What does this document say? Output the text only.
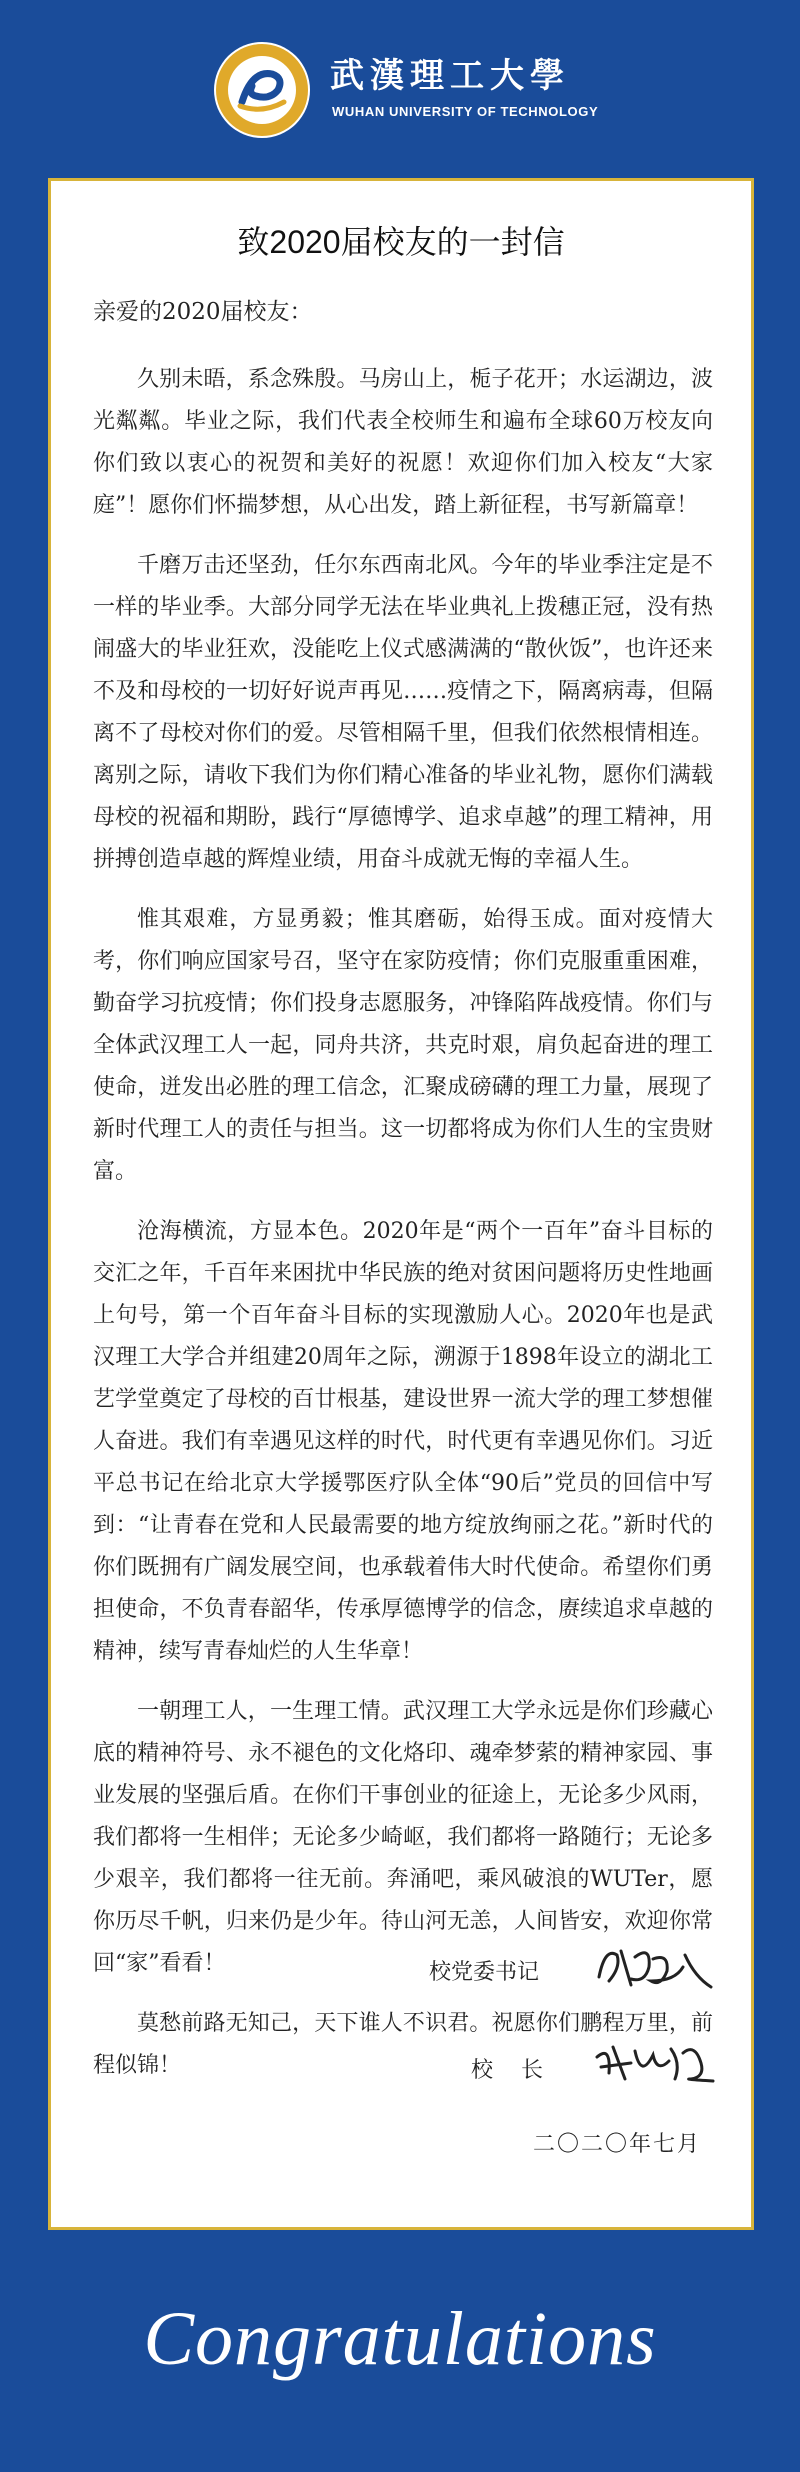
武漢理工大學
WUHAN UNIVERSITY OF TECHNOLOGY
致2020届校友的一封信
亲爱的2020届校友：

久别未晤，系念殊殷。马房山上，栀子花开；水运湖边，波光粼粼。毕业之际，我们代表全校师生和遍布全球60万校友向你们致以衷心的祝贺和美好的祝愿！欢迎你们加入校友“大家庭”！愿你们怀揣梦想，从心出发，踏上新征程，书写新篇章！

千磨万击还坚劲，任尔东西南北风。今年的毕业季注定是不一样的毕业季。大部分同学无法在毕业典礼上拨穗正冠，没有热闹盛大的毕业狂欢，没能吃上仪式感满满的“散伙饭”，也许还来不及和母校的一切好好说声再见……疫情之下，隔离病毒，但隔离不了母校对你们的爱。尽管相隔千里，但我们依然根情相连。离别之际，请收下我们为你们精心准备的毕业礼物，愿你们满载母校的祝福和期盼，践行“厚德博学、追求卓越”的理工精神，用拼搏创造卓越的辉煌业绩，用奋斗成就无悔的幸福人生。

惟其艰难，方显勇毅；惟其磨砺，始得玉成。面对疫情大考，你们响应国家号召，坚守在家防疫情；你们克服重重困难，勤奋学习抗疫情；你们投身志愿服务，冲锋陷阵战疫情。你们与全体武汉理工人一起，同舟共济，共克时艰，肩负起奋进的理工使命，迸发出必胜的理工信念，汇聚成磅礴的理工力量，展现了新时代理工人的责任与担当。这一切都将成为你们人生的宝贵财富。

沧海横流，方显本色。2020年是“两个一百年”奋斗目标的交汇之年，千百年来困扰中华民族的绝对贫困问题将历史性地画上句号，第一个百年奋斗目标的实现激励人心。2020年也是武汉理工大学合并组建20周年之际，溯源于1898年设立的湖北工艺学堂奠定了母校的百廿根基，建设世界一流大学的理工梦想催人奋进。我们有幸遇见这样的时代，时代更有幸遇见你们。习近平总书记在给北京大学援鄂医疗队全体“90后”党员的回信中写到：“让青春在党和人民最需要的地方绽放绚丽之花。”新时代的你们既拥有广阔发展空间，也承载着伟大时代使命。希望你们勇担使命，不负青春韶华，传承厚德博学的信念，赓续追求卓越的精神，续写青春灿烂的人生华章！

一朝理工人，一生理工情。武汉理工大学永远是你们珍藏心底的精神符号、永不褪色的文化烙印、魂牵梦萦的精神家园、事业发展的坚强后盾。在你们干事创业的征途上，无论多少风雨，我们都将一生相伴；无论多少崎岖，我们都将一路随行；无论多少艰辛，我们都将一往无前。奔涌吧，乘风破浪的WUTer，愿你历尽千帆，归来仍是少年。待山河无恙，人间皆安，欢迎你常回“家”看看！

莫愁前路无知己，天下谁人不识君。祝愿你们鹏程万里，前程似锦！

校党委书记
校    长
二〇二〇年七月
Congratulations
